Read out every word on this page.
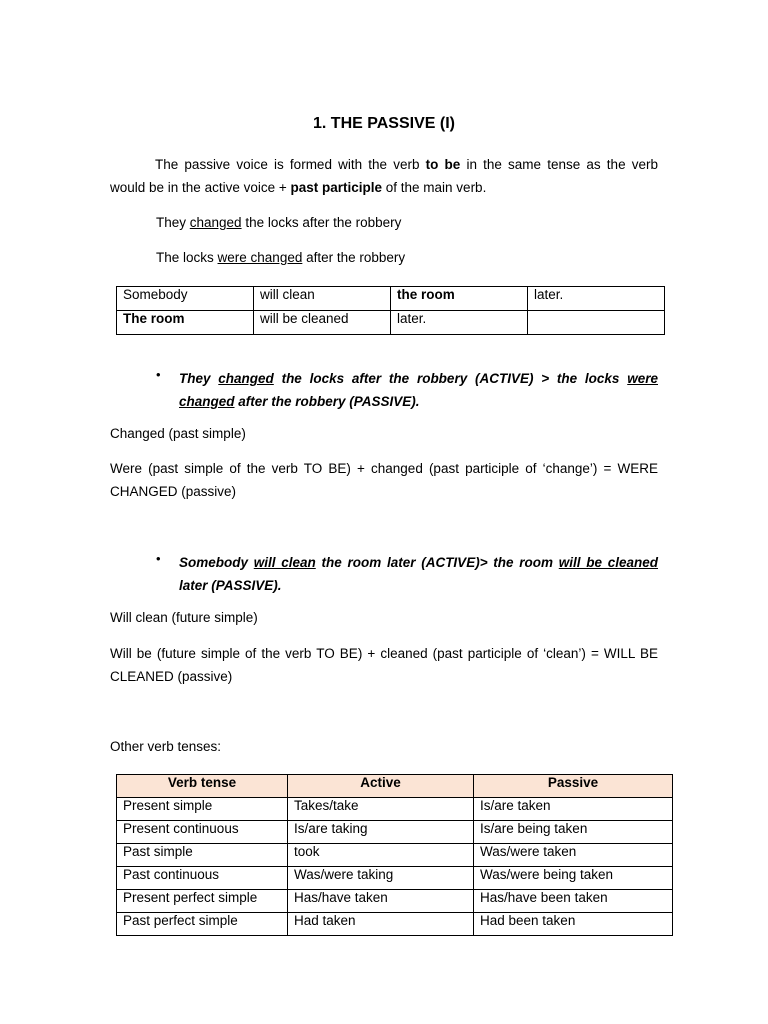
1. THE PASSIVE (I)
The passive voice is formed with the verb to be in the same tense as the verb would be in the active voice + past participle of the main verb.
They changed the locks after the robbery
The locks were changed after the robbery
Somebody	will clean	the room	later.
The room	will be cleaned	later.	
• They changed the locks after the robbery (ACTIVE) > the locks were changed after the robbery (PASSIVE).
Changed (past simple)
Were (past simple of the verb TO BE) + changed (past participle of ‘change’) = WERE CHANGED (passive)
• Somebody will clean the room later (ACTIVE)> the room will be cleaned later (PASSIVE).
Will clean (future simple)
Will be (future simple of the verb TO BE) + cleaned (past participle of ‘clean’) = WILL BE CLEANED (passive)
Other verb tenses:
Verb tense	Active	Passive
Present simple	Takes/take	Is/are taken
Present continuous	Is/are taking	Is/are being taken
Past simple	took	Was/were taken
Past continuous	Was/were taking	Was/were being taken
Present perfect simple	Has/have taken	Has/have been taken
Past perfect simple	Had taken	Had been taken
